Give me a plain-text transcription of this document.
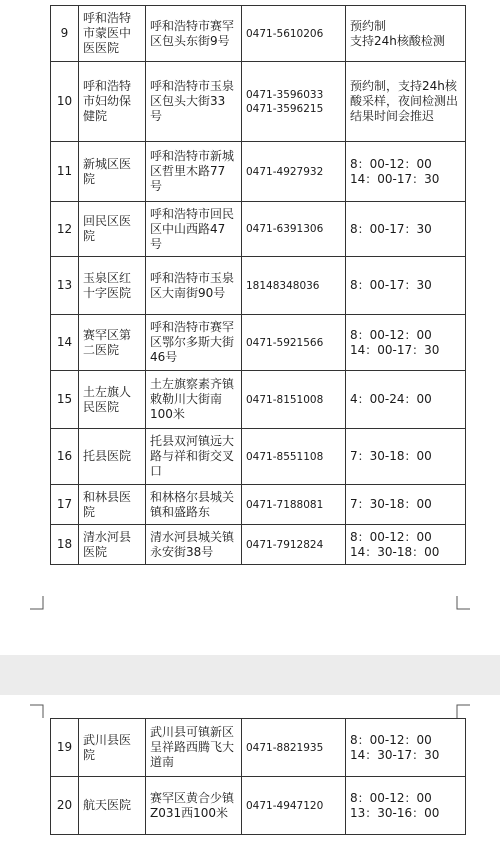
9	呼和浩特市蒙医中医医院	呼和浩特市赛罕区包头东街9号	0471-5610206	预约制
支持24h核酸检测
10	呼和浩特市妇幼保健院	呼和浩特市玉泉区包头大街33号	0471-3596033
0471-3596215	预约制，支持24h核酸采样，夜间检测出结果时间会推迟
11	新城区医院	呼和浩特市新城区哲里木路77号	0471-4927932	8：00-12：00
14：00-17：30
12	回民区医院	呼和浩特市回民区中山西路47号	0471-6391306	8：00-17：30
13	玉泉区红十字医院	呼和浩特市玉泉区大南街90号	18148348036	8：00-17：30
14	赛罕区第二医院	呼和浩特市赛罕区鄂尔多斯大街46号	0471-5921566	8：00-12：00
14：00-17：30
15	土左旗人民医院	土左旗察素齐镇敕勒川大街南100米	0471-8151008	4：00-24：00
16	托县医院	托县双河镇远大路与祥和街交叉口	0471-8551108	7：30-18：00
17	和林县医院	和林格尔县城关镇和盛路东	0471-7188081	7：30-18：00
18	清水河县医院	清水河县城关镇永安街38号	0471-7912824	8：00-12：00
14：30-18：00
19	武川县医院	武川县可镇新区呈祥路西腾飞大道南	0471-8821935	8：00-12：00
14：30-17：30
20	航天医院	赛罕区黄合少镇Z031西100米	0471-4947120	8：00-12：00
13：30-16：00
